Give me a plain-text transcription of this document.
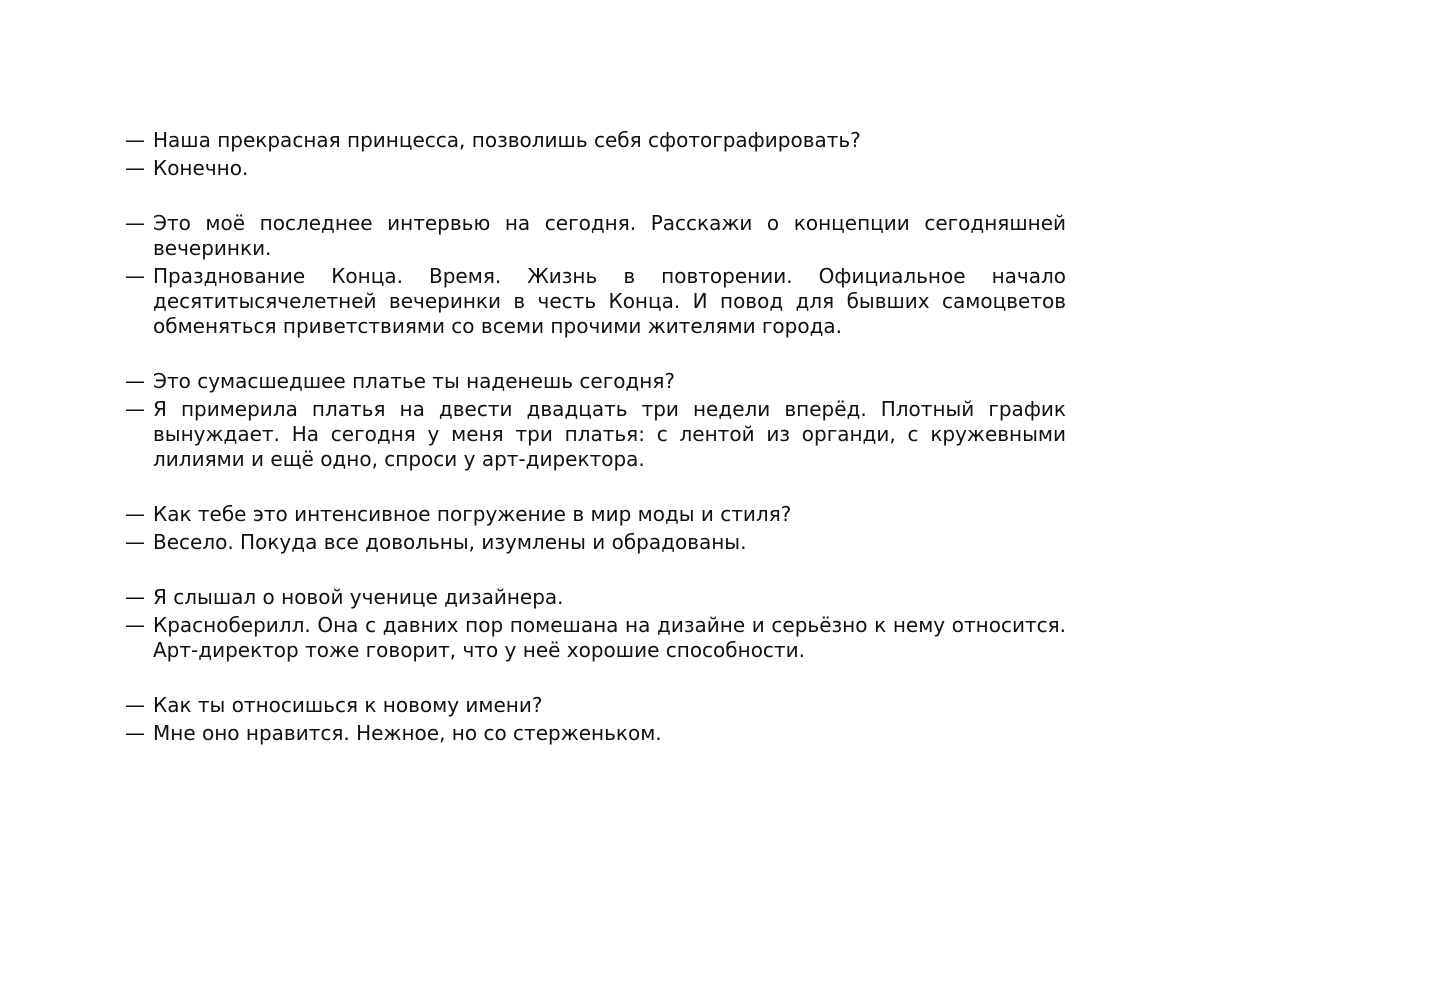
— Наша прекрасная принцесса, позволишь себя сфотографировать?
— Конечно.
— Это моё последнее интервью на сегодня. Расскажи о концепции сегодняшней вечеринки.
— Празднование Конца. Время. Жизнь в повторении. Официальное начало десятитысячелетней вечеринки в честь Конца. И повод для бывших самоцветов обменяться приветствиями со всеми прочими жителями города.
— Это сумасшедшее платье ты наденешь сегодня?
— Я примерила платья на двести двадцать три недели вперёд. Плотный график вынуждает. На сегодня у меня три платья: с лентой из органди, с кружевными лилиями и ещё одно, спроси у арт-директора.
— Как тебе это интенсивное погружение в мир моды и стиля?
— Весело. Покуда все довольны, изумлены и обрадованы.
— Я слышал о новой ученице дизайнера.
— Красноберилл. Она с давних пор помешана на дизайне и серьёзно к нему относится. Арт-директор тоже говорит, что у неё хорошие способности.
— Как ты относишься к новому имени?
— Мне оно нравится. Нежное, но со стерженьком.
